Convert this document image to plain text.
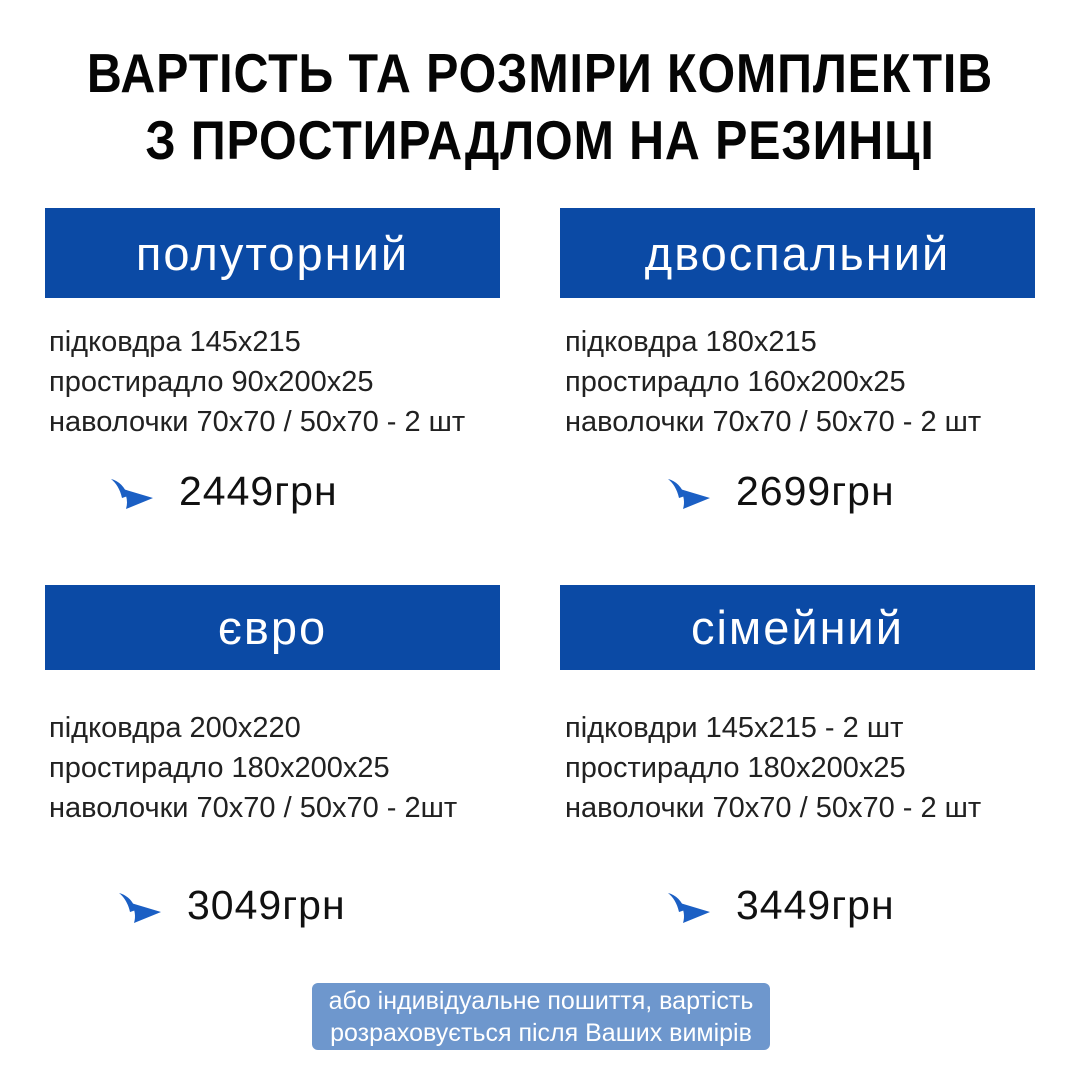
ВАРТІСТЬ ТА РОЗМІРИ КОМПЛЕКТІВ
З ПРОСТИРАДЛОМ НА РЕЗИНЦІ
полуторний
підковдра 145х215
простирадло 90х200х25
наволочки 70х70 / 50х70 - 2 шт
2449грн
двоспальний
підковдра 180х215
простирадло 160х200х25
наволочки 70х70 / 50х70 - 2 шт
2699грн
євро
підковдра 200х220
простирадло 180х200х25
наволочки 70х70 / 50х70 - 2шт
3049грн
сімейний
підковдри 145х215 - 2 шт
простирадло 180х200х25
наволочки 70х70 / 50х70 - 2 шт
3449грн
або індивідуальне пошиття, вартість
розраховується після Ваших вимірів
